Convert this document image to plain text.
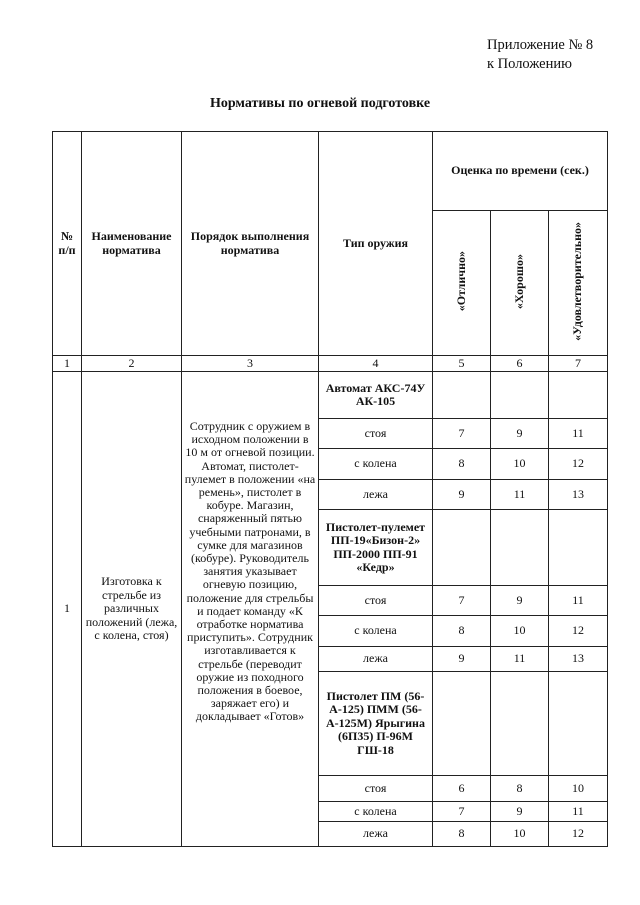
Приложение № 8
к Положению
Нормативы по огневой подготовке
№ п/п	Наименование норматива	Порядок выполнения норматива	Тип оружия	Оценка по времени (сек.)		
				«Отлично»	«Хорошо»	«Удовлетворительно»
1	2	3	4	5	6	7
1	Изготовка к стрельбе из различных положений (лежа, с колена, стоя)	Сотрудник с оружием в исходном положении в 10 м от огневой позиции. Автомат, пистолет-пулемет в положении «на ремень», пистолет в кобуре. Магазин, снаряженный пятью учебными патронами, в сумке для магазинов (кобуре). Руководитель занятия указывает огневую позицию, положение для стрельбы и подает команду «К отработке норматива приступить». Сотрудник изготавливается к стрельбе (переводит оружие из походного положения в боевое, заряжает его) и докладывает «Готов»	Автомат АКС-74У АК-105			
			стоя	7	9	11
			с колена	8	10	12
			лежа	9	11	13
			Пистолет-пулемет ПП-19«Бизон-2» ПП-2000 ПП-91 «Кедр»			
			стоя	7	9	11
			с колена	8	10	12
			лежа	9	11	13
			Пистолет ПМ (56-А-125) ПММ (56-А-125М) Ярыгина (6П35) П-96М ГШ-18			
			стоя	6	8	10
			с колена	7	9	11
			лежа	8	10	12
